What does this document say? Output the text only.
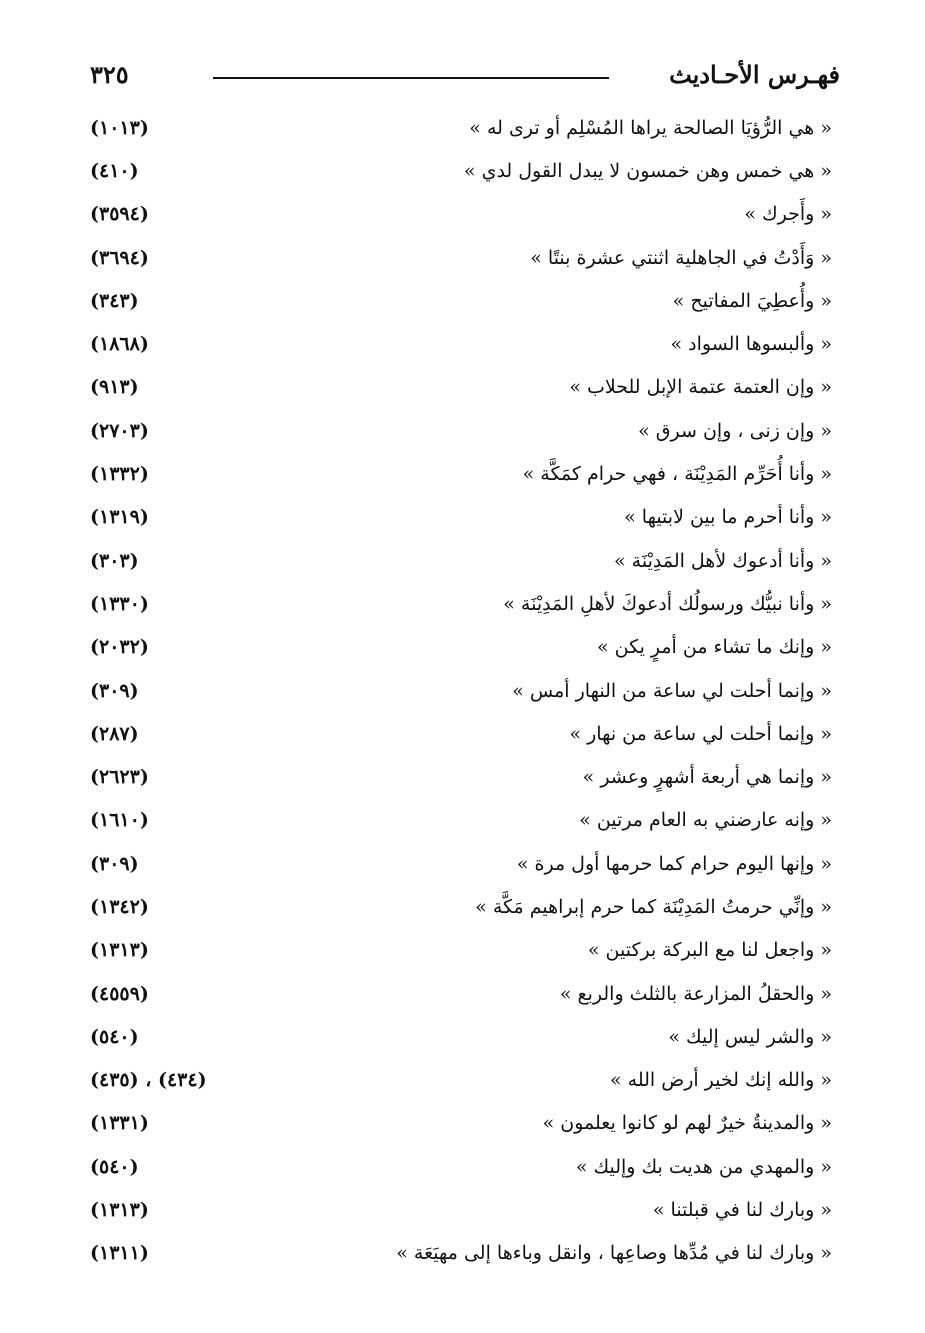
فهـرس الأحـاديث
٣٢٥
« هي الرُّؤيَا الصالحة يراها المُسْلِم أو ترى له »
(١٠١٣)
« هي خمس وهن خمسون لا يبدل القول لدي »
(٤١٠)
« وأَجرك »
(٣٥٩٤)
« وَأَدْتُ في الجاهلية اثنتي عشرة بنتًا »
(٣٦٩٤)
« وأُعطِيَ المفاتيح »
(٣٤٣)
« وألبسوها السواد »
(١٨٦٨)
« وإن العتمة عتمة الإبل للحلاب »
(٩١٣)
« وإن زنى ، وإن سرق »
(٢٧٠٣)
« وأنا أُحَرِّم المَدِيْنَة ، فهي حرام كمَكَّة »
(١٣٣٢)
« وأنا أحرم ما بين لابتيها »
(١٣١٩)
« وأنا أدعوك لأهل المَدِيْنَة »
(٣٠٣)
« وأنا نبيُّك ورسولُك أدعوكَ لأهلِ المَدِيْنَة »
(١٣٣٠)
« وإنك ما تشاء من أمرٍ يكن »
(٢٠٣٢)
« وإنما أحلت لي ساعة من النهار أمس »
(٣٠٩)
« وإنما أحلت لي ساعة من نهار »
(٢٨٧)
« وإنما هي أربعة أشهرٍ وعشر »
(٢٦٢٣)
« وإنه عارضني به العام مرتين »
(١٦١٠)
« وإنها اليوم حرام كما حرمها أول مرة »
(٣٠٩)
« وإنِّي حرمتُ المَدِيْنَة كما حرم إبراهيم مَكَّة »
(١٣٤٢)
« واجعل لنا مع البركة بركتين »
(١٣١٣)
« والحقلُ المزارعة بالثلث والربع »
(٤٥٥٩)
« والشر ليس إليك »
(٥٤٠)
« والله إنك لخير أرض الله »
(٤٣٤) ، (٤٣٥)
« والمدينةُ خيرٌ لهم لو كانوا يعلمون »
(١٣٣١)
« والمهدي من هديت بك وإليك »
(٥٤٠)
« وبارك لنا في قبلتنا »
(١٣١٣)
« وبارك لنا في مُدِّها وصاعِها ، وانقل وباءها إلى مهيَعَة »
(١٣١١)
